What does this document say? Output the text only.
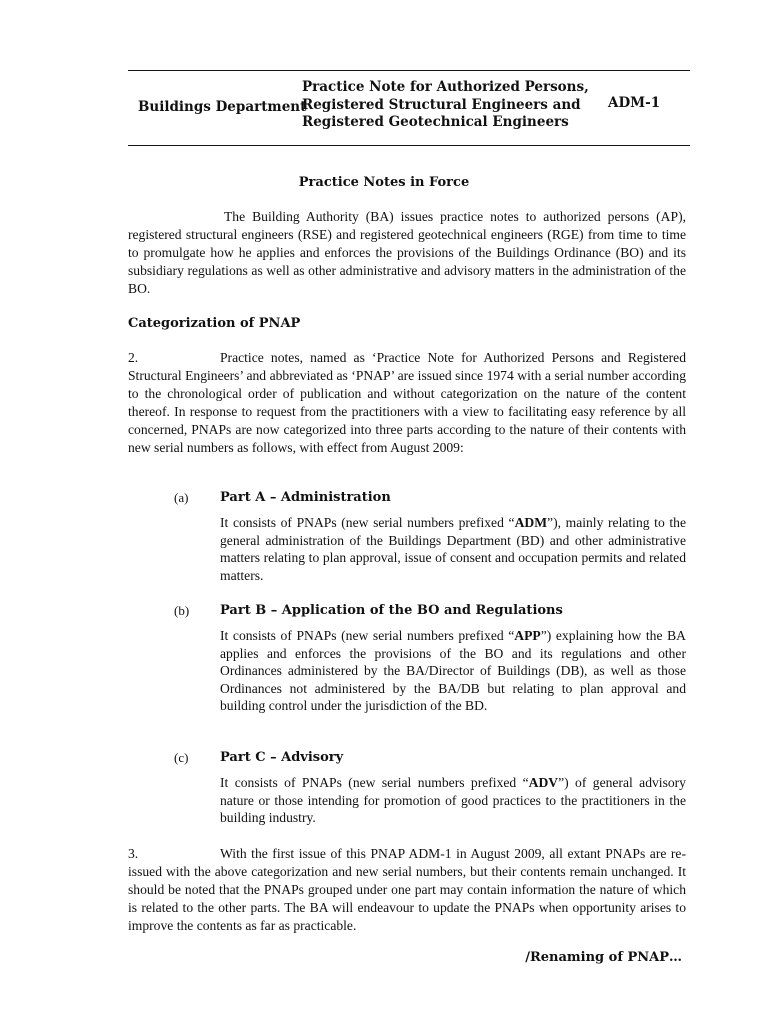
Buildings Department
Practice Note for Authorized Persons,
Registered Structural Engineers and
Registered Geotechnical Engineers
ADM-1
Practice Notes in Force
The Building Authority (BA) issues practice notes to authorized persons (AP), registered structural engineers (RSE) and registered geotechnical engineers (RGE) from time to time to promulgate how he applies and enforces the provisions of the Buildings Ordinance (BO) and its subsidiary regulations as well as other administrative and advisory matters in the administration of the BO.
Categorization of PNAP
2.	Practice notes, named as ‘Practice Note for Authorized Persons and Registered Structural Engineers’ and abbreviated as ‘PNAP’ are issued since 1974 with a serial number according to the chronological order of publication and without categorization on the nature of the content thereof. In response to request from the practitioners with a view to facilitating easy reference by all concerned, PNAPs are now categorized into three parts according to the nature of their contents with new serial numbers as follows, with effect from August 2009:
(a) Part A – Administration
It consists of PNAPs (new serial numbers prefixed “ADM”), mainly relating to the general administration of the Buildings Department (BD) and other administrative matters relating to plan approval, issue of consent and occupation permits and related matters.
(b) Part B – Application of the BO and Regulations
It consists of PNAPs (new serial numbers prefixed “APP”) explaining how the BA applies and enforces the provisions of the BO and its regulations and other Ordinances administered by the BA/Director of Buildings (DB), as well as those Ordinances not administered by the BA/DB but relating to plan approval and building control under the jurisdiction of the BD.
(c) Part C – Advisory
It consists of PNAPs (new serial numbers prefixed “ADV”) of general advisory nature or those intending for promotion of good practices to the practitioners in the building industry.
3.	With the first issue of this PNAP ADM-1 in August 2009, all extant PNAPs are re-issued with the above categorization and new serial numbers, but their contents remain unchanged. It should be noted that the PNAPs grouped under one part may contain information the nature of which is related to the other parts. The BA will endeavour to update the PNAPs when opportunity arises to improve the contents as far as practicable.
/Renaming of PNAP…
